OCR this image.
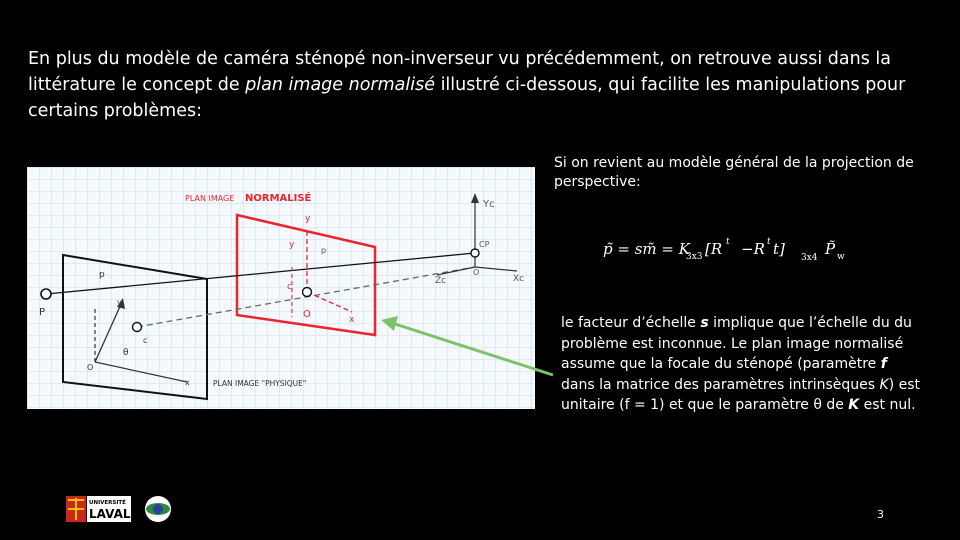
En plus du modèle de caméra sténopé non-inverseur vu précédemment, on retrouve aussi dans la littérature le concept de plan image normalisé illustré ci-dessous, qui facilite les manipulations pour certains problèmes:

PLAN IMAGE NORMALISÉ
Yc
Xc
Zc
CP
O
y
y
x
c
O
p
p
P
c
θ
O
y
x	PLAN IMAGE "PHYSIQUE"

Si on revient au modèle général de la projection de perspective:

p̃ = sm̃ = K
3x3 [R t −R t t] 3x4 P̃ w

le facteur d’échelle s implique que l’échelle du du problème est inconnue. Le plan image normalisé assume que la focale du sténopé (paramètre f dans la matrice des paramètres intrinsèques K) est unitaire (f = 1) et que le paramètre θ de K est nul.

UNIVERSITÉ
LAVAL	3
